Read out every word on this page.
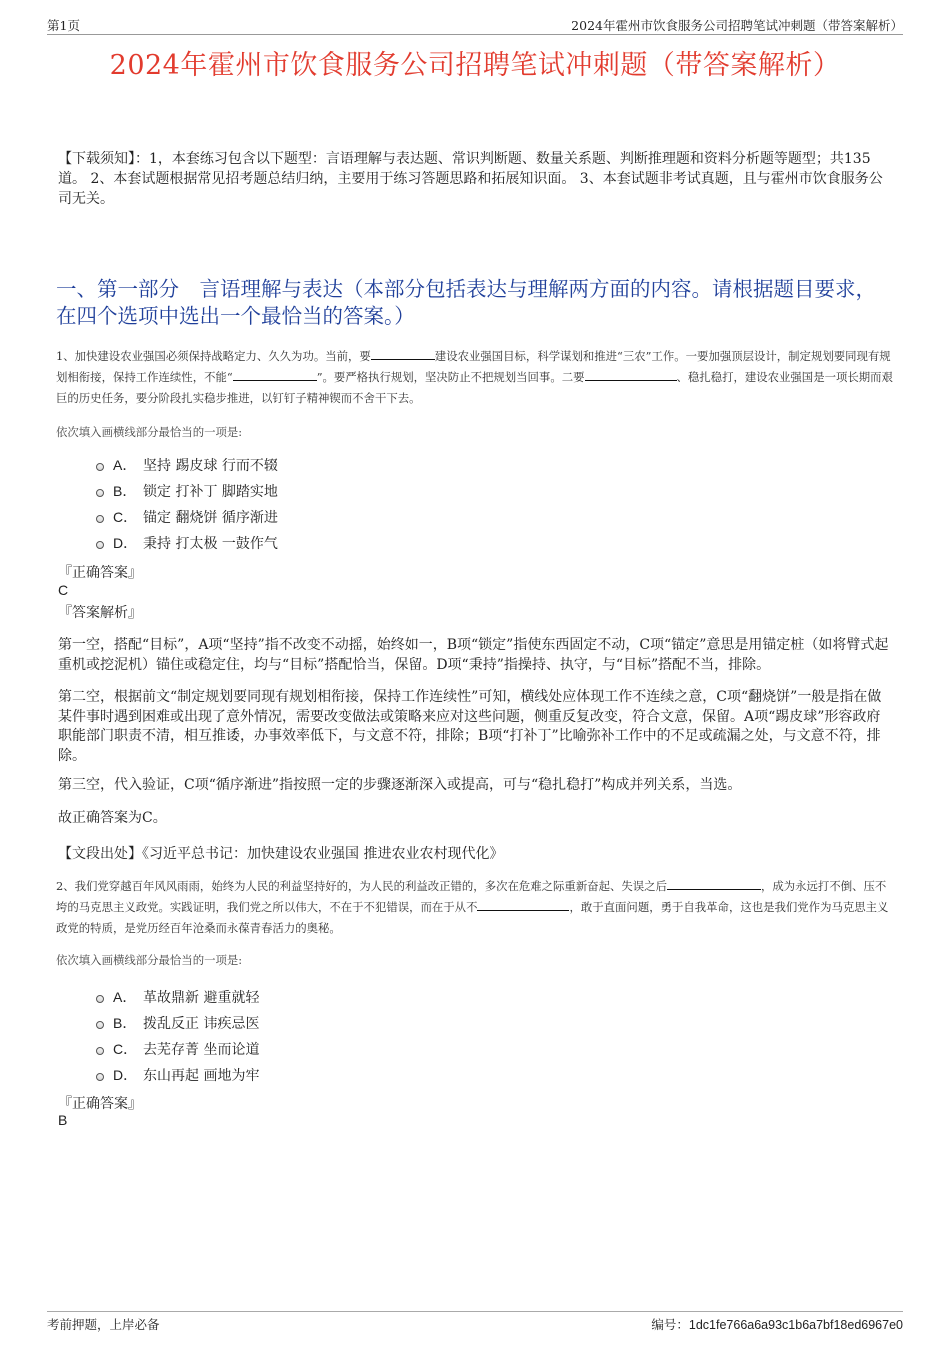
第1页	2024年霍州市饮食服务公司招聘笔试冲刺题（带答案解析）
2024年霍州市饮食服务公司招聘笔试冲刺题（带答案解析）
【下载须知】：1，本套练习包含以下题型：言语理解与表达题、常识判断题、数量关系题、判断推理题和资料分析题等题型；共135道。 2、本套试题根据常见招考题总结归纳，主要用于练习答题思路和拓展知识面。 3、本套试题非考试真题，且与霍州市饮食服务公司无关。
一、第一部分　言语理解与表达（本部分包括表达与理解两方面的内容。请根据题目要求，在四个选项中选出一个最恰当的答案。）
1、加快建设农业强国必须保持战略定力、久久为功。当前，要	建设农业强国目标，科学谋划和推进“三农”工作。一要加强顶层设计，制定规划要同现有规划相衔接，保持工作连续性，不能“	”。要严格执行规划，坚决防止不把规划当回事。二要	、稳扎稳打，建设农业强国是一项长期而艰巨的历史任务，要分阶段扎实稳步推进，以钉钉子精神锲而不舍干下去。
依次填入画横线部分最恰当的一项是:
A． 坚持 踢皮球 行而不辍
B． 锁定 打补丁 脚踏实地
C． 锚定 翻烧饼 循序渐进
D． 秉持 打太极 一鼓作气
『正确答案』
C
『答案解析』
第一空，搭配“目标”，A项“坚持”指不改变不动摇，始终如一，B项“锁定”指使东西固定不动，C项“锚定”意思是用锚定桩（如将臂式起重机或挖泥机）锚住或稳定住，均与“目标”搭配恰当，保留。D项“秉持”指操持、执守，与“目标”搭配不当，排除。
第二空，根据前文“制定规划要同现有规划相衔接，保持工作连续性”可知，横线处应体现工作不连续之意，C项“翻烧饼”一般是指在做某件事时遇到困难或出现了意外情况，需要改变做法或策略来应对这些问题，侧重反复改变，符合文意，保留。A项“踢皮球”形容政府职能部门职责不清，相互推诿，办事效率低下，与文意不符，排除；B项“打补丁”比喻弥补工作中的不足或疏漏之处，与文意不符，排除。
第三空，代入验证，C项“循序渐进”指按照一定的步骤逐渐深入或提高，可与“稳扎稳打”构成并列关系，当选。
故正确答案为C。
【文段出处】《习近平总书记：加快建设农业强国 推进农业农村现代化》
2、我们党穿越百年风风雨雨，始终为人民的利益坚持好的，为人民的利益改正错的，多次在危难之际重新奋起、失误之后	，成为永远打不倒、压不垮的马克思主义政党。实践证明，我们党之所以伟大，不在于不犯错误，而在于从不	，敢于直面问题，勇于自我革命，这也是我们党作为马克思主义政党的特质，是党历经百年沧桑而永葆青春活力的奥秘。
依次填入画横线部分最恰当的一项是:
A． 革故鼎新 避重就轻
B． 拨乱反正 讳疾忌医
C． 去芜存菁 坐而论道
D． 东山再起 画地为牢
『正确答案』
B
考前押题，上岸必备	编号：1dc1fe766a6a93c1b6a7bf18ed6967e0
